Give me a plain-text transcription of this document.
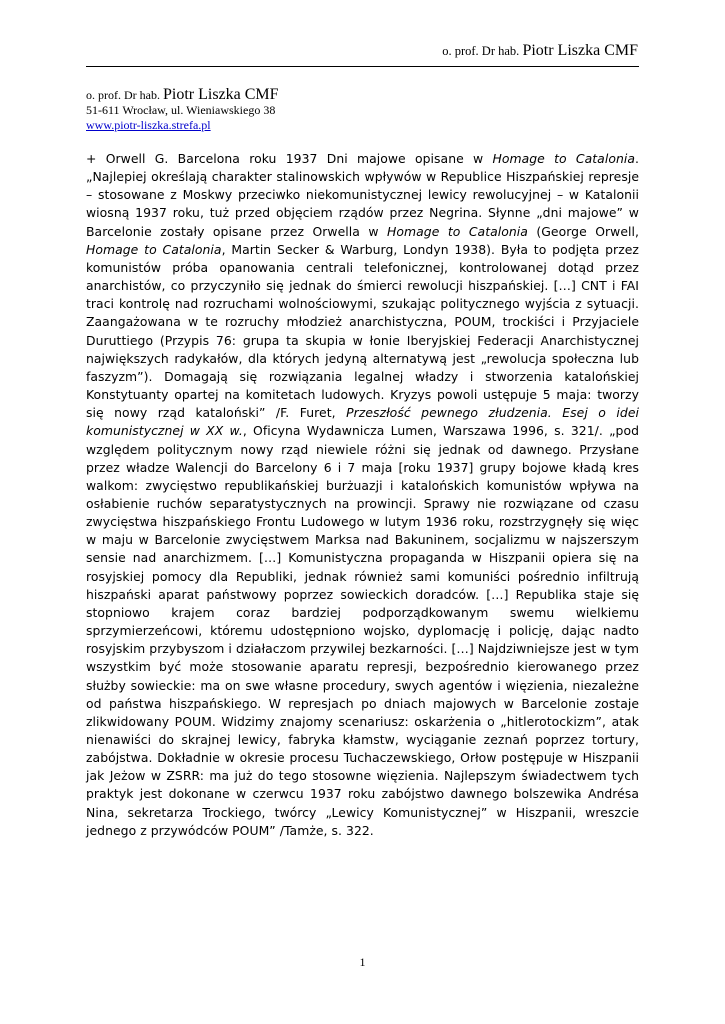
o. prof. Dr hab. Piotr Liszka CMF
o. prof. Dr hab. Piotr Liszka CMF
51-611 Wrocław, ul. Wieniawskiego 38
www.piotr-liszka.strefa.pl
+ Orwell G. Barcelona roku 1937 Dni majowe opisane w Homage to Catalonia. „Najlepiej określają charakter stalinowskich wpływów w Republice Hiszpańskiej represje – stosowane z Moskwy przeciwko niekomunistycznej lewicy rewolucyjnej – w Katalonii wiosną 1937 roku, tuż przed objęciem rządów przez Negrina. Słynne „dni majowe” w Barcelonie zostały opisane przez Orwella w Homage to Catalonia (George Orwell, Homage to Catalonia, Martin Secker & Warburg, Londyn 1938). Była to podjęta przez komunistów próba opanowania centrali telefonicznej, kontrolowanej dotąd przez anarchistów, co przyczyniło się jednak do śmierci rewolucji hiszpańskiej. […] CNT i FAI traci kontrolę nad rozruchami wolnościowymi, szukając politycznego wyjścia z sytuacji. Zaangażowana w te rozruchy młodzież anarchistyczna, POUM, trockiści i Przyjaciele Duruttiego (Przypis 76: grupa ta skupia w łonie Iberyjskiej Federacji Anarchistycznej największych radykałów, dla których jedyną alternatywą jest „rewolucja społeczna lub faszyzm”). Domagają się rozwiązania legalnej władzy i stworzenia katalońskiej Konstytuanty opartej na komitetach ludowych. Kryzys powoli ustępuje 5 maja: tworzy się nowy rząd kataloński” /F. Furet, Przeszłość pewnego złudzenia. Esej o idei komunistycznej w XX w., Oficyna Wydawnicza Lumen, Warszawa 1996, s. 321/. „pod względem politycznym nowy rząd niewiele różni się jednak od dawnego. Przysłane przez władze Walencji do Barcelony 6 i 7 maja [roku 1937] grupy bojowe kładą kres walkom: zwycięstwo republikańskiej burżuazji i katalońskich komunistów wpływa na osłabienie ruchów separatystycznych na prowincji. Sprawy nie rozwiązane od czasu zwycięstwa hiszpańskiego Frontu Ludowego w lutym 1936 roku, rozstrzygnęły się więc w maju w Barcelonie zwycięstwem Marksa nad Bakuninem, socjalizmu w najszerszym sensie nad anarchizmem. […] Komunistyczna propaganda w Hiszpanii opiera się na rosyjskiej pomocy dla Republiki, jednak również sami komuniści pośrednio infiltrują hiszpański aparat państwowy poprzez sowieckich doradców. […] Republika staje się stopniowo krajem coraz bardziej podporządkowanym swemu wielkiemu sprzymierzeńcowi, któremu udostępniono wojsko, dyplomację i policję, dając nadto rosyjskim przybyszom i działaczom przywilej bezkarności. […] Najdziwniejsze jest w tym wszystkim być może stosowanie aparatu represji, bezpośrednio kierowanego przez służby sowieckie: ma on swe własne procedury, swych agentów i więzienia, niezależne od państwa hiszpańskiego. W represjach po dniach majowych w Barcelonie zostaje zlikwidowany POUM. Widzimy znajomy scenariusz: oskarżenia o „hitlerotockizm”, atak nienawiści do skrajnej lewicy, fabryka kłamstw, wyciąganie zeznań poprzez tortury, zabójstwa. Dokładnie w okresie procesu Tuchaczewskiego, Orłow postępuje w Hiszpanii jak Jeżow w ZSRR: ma już do tego stosowne więzienia. Najlepszym świadectwem tych praktyk jest dokonane w czerwcu 1937 roku zabójstwo dawnego bolszewika Andrésa Nina, sekretarza Trockiego, twórcy „Lewicy Komunistycznej” w Hiszpanii, wreszcie jednego z przywódców POUM” /Tamże, s. 322.
1
